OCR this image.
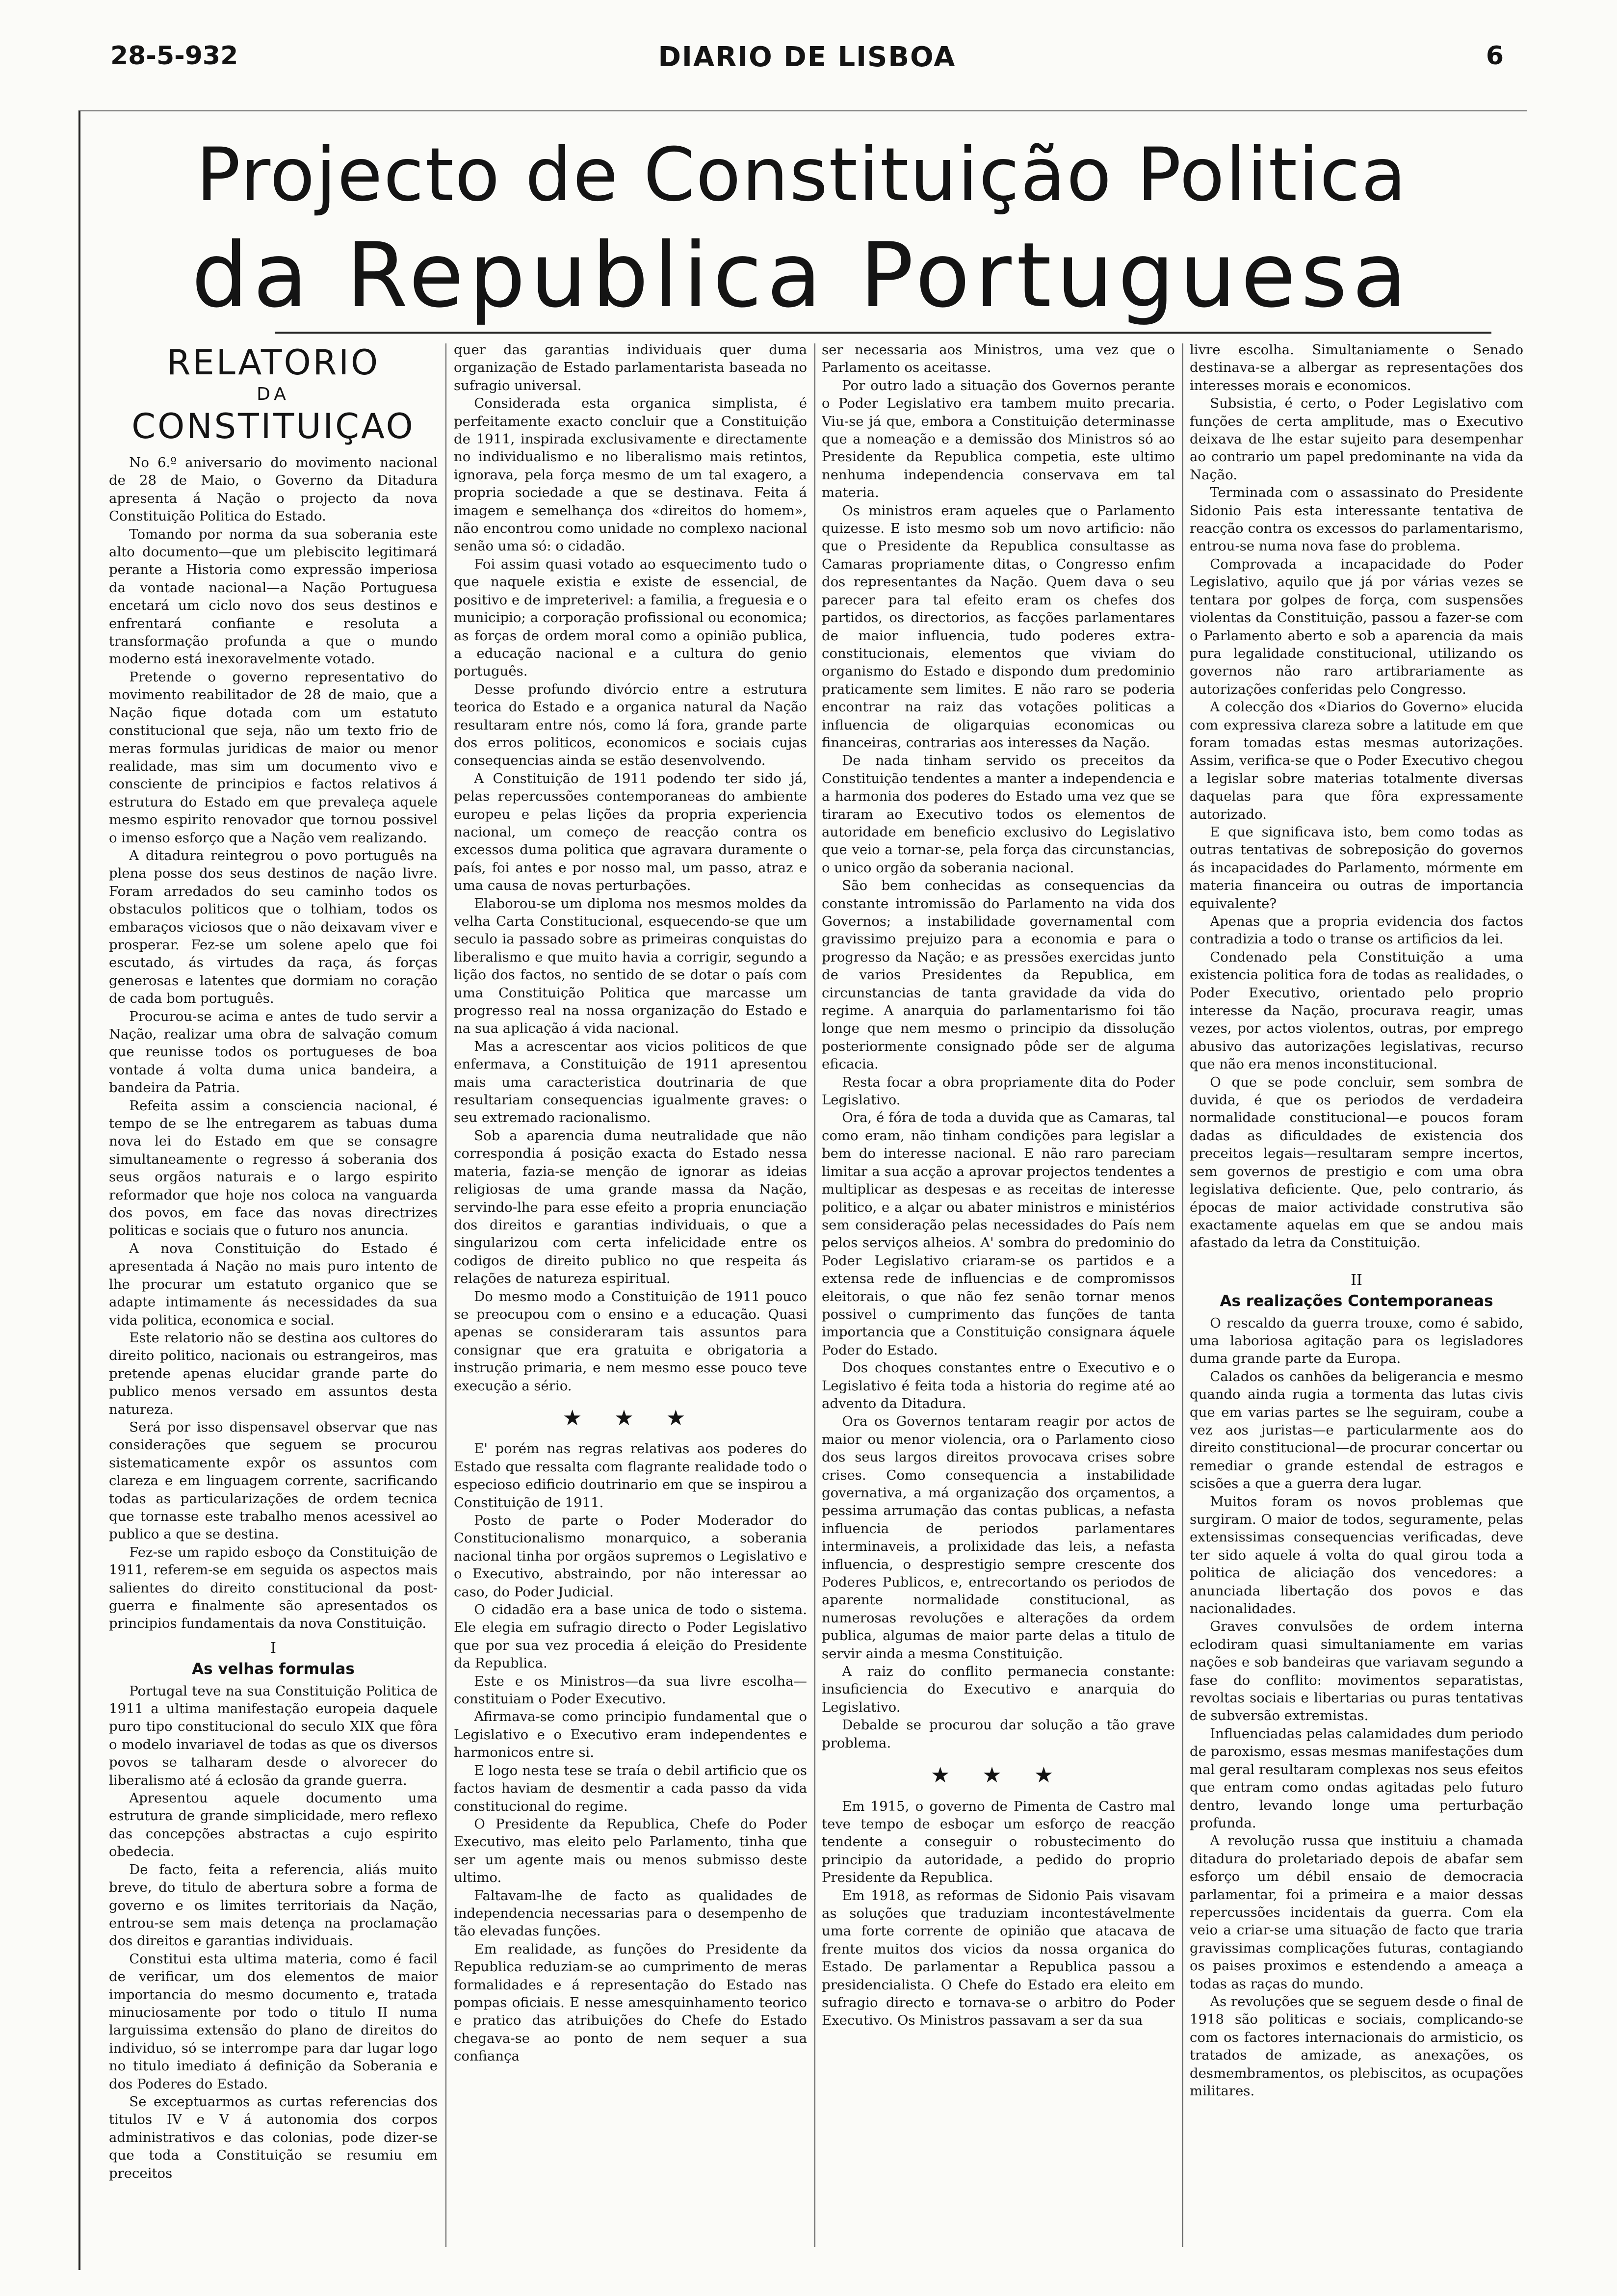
28-5-932	DIARIO DE LISBOA	6
Projecto de Constituição Politica
da Republica Portuguesa
RELATORIO
DA
CONSTITUIÇAO

No 6.º aniversario do movimento nacional de 28 de Maio, o Governo da Ditadura apresenta á Nação o projecto da nova Constituição Politica do Estado.

Tomando por norma da sua soberania este alto documento—que um plebiscito legitimará perante a Historia como expressão imperiosa da vontade nacional—a Nação Portuguesa encetará um ciclo novo dos seus destinos e enfrentará confiante e resoluta a transformação profunda a que o mundo moderno está inexoravelmente votado.

Pretende o governo representativo do movimento reabilitador de 28 de maio, que a Nação fique dotada com um estatuto constitucional que seja, não um texto frio de meras formulas juridicas de maior ou menor realidade, mas sim um documento vivo e consciente de principios e factos relativos á estrutura do Estado em que prevaleça aquele mesmo espirito renovador que tornou possivel o imenso esforço que a Nação vem realizando.

A ditadura reintegrou o povo português na plena posse dos seus destinos de nação livre. Foram arredados do seu caminho todos os obstaculos politicos que o tolhiam, todos os embaraços viciosos que o não deixavam viver e prosperar. Fez-se um solene apelo que foi escutado, ás virtudes da raça, ás forças generosas e latentes que dormiam no coração de cada bom português.

Procurou-se acima e antes de tudo servir a Nação, realizar uma obra de salvação comum que reunisse todos os portugueses de boa vontade á volta duma unica bandeira, a bandeira da Patria.

Refeita assim a consciencia nacional, é tempo de se lhe entregarem as tabuas duma nova lei do Estado em que se consagre simultaneamente o regresso á soberania dos seus orgãos naturais e o largo espirito reformador que hoje nos coloca na vanguarda dos povos, em face das novas directrizes politicas e sociais que o futuro nos anuncia.

A nova Constituição do Estado é apresentada á Nação no mais puro intento de lhe procurar um estatuto organico que se adapte intimamente ás necessidades da sua vida politica, economica e social.

Este relatorio não se destina aos cultores do direito politico, nacionais ou estrangeiros, mas pretende apenas elucidar grande parte do publico menos versado em assuntos desta natureza.

Será por isso dispensavel observar que nas considerações que seguem se procurou sistematicamente expôr os assuntos com clareza e em linguagem corrente, sacrificando todas as particularizações de ordem tecnica que tornasse este trabalho menos acessivel ao publico a que se destina.

Fez-se um rapido esboço da Constituição de 1911, referem-se em seguida os aspectos mais salientes do direito constitucional da post-guerra e finalmente são apresentados os principios fundamentais da nova Constituição.

I
As velhas formulas

Portugal teve na sua Constituição Politica de 1911 a ultima manifestação europeia daquele puro tipo constitucional do seculo XIX que fôra o modelo invariavel de todas as que os diversos povos se talharam desde o alvorecer do liberalismo até á eclosão da grande guerra.

Apresentou aquele documento uma estrutura de grande simplicidade, mero reflexo das concepções abstractas a cujo espirito obedecia.

De facto, feita a referencia, aliás muito breve, do titulo de abertura sobre a forma de governo e os limites territoriais da Nação, entrou-se sem mais detença na proclamação dos direitos e garantias individuais.

Constitui esta ultima materia, como é facil de verificar, um dos elementos de maior importancia do mesmo documento e, tratada minuciosamente por todo o titulo II numa larguissima extensão do plano de direitos do individuo, só se interrompe para dar lugar logo no titulo imediato á definição da Soberania e dos Poderes do Estado.

Se exceptuarmos as curtas referencias dos titulos IV e V á autonomia dos corpos administrativos e das colonias, pode dizer-se que toda a Constituição se resumiu em preceitos

quer das garantias individuais quer duma organização de Estado parlamentarista baseada no sufragio universal.

Considerada esta organica simplista, é perfeitamente exacto concluir que a Constituição de 1911, inspirada exclusivamente e directamente no individualismo e no liberalismo mais retintos, ignorava, pela força mesmo de um tal exagero, a propria sociedade a que se destinava. Feita á imagem e semelhança dos «direitos do homem», não encontrou como unidade no complexo nacional senão uma só: o cidadão.

Foi assim quasi votado ao esquecimento tudo o que naquele existia e existe de essencial, de positivo e de impreterivel: a familia, a freguesia e o municipio; a corporação profissional ou economica; as forças de ordem moral como a opinião publica, a educação nacional e a cultura do genio português.

Desse profundo divórcio entre a estrutura teorica do Estado e a organica natural da Nação resultaram entre nós, como lá fora, grande parte dos erros politicos, economicos e sociais cujas consequencias ainda se estão desenvolvendo.

A Constituição de 1911 podendo ter sido já, pelas repercussões contemporaneas do ambiente europeu e pelas lições da propria experiencia nacional, um começo de reacção contra os excessos duma politica que agravara duramente o país, foi antes e por nosso mal, um passo, atraz e uma causa de novas perturbações.

Elaborou-se um diploma nos mesmos moldes da velha Carta Constitucional, esquecendo-se que um seculo ia passado sobre as primeiras conquistas do liberalismo e que muito havia a corrigir, segundo a lição dos factos, no sentido de se dotar o país com uma Constituição Politica que marcasse um progresso real na nossa organização do Estado e na sua aplicação á vida nacional.

Mas a acrescentar aos vicios politicos de que enfermava, a Constituição de 1911 apresentou mais uma caracteristica doutrinaria de que resultariam consequencias igualmente graves: o seu extremado racionalismo.

Sob a aparencia duma neutralidade que não correspondia á posição exacta do Estado nessa materia, fazia-se menção de ignorar as ideias religiosas de uma grande massa da Nação, servindo-lhe para esse efeito a propria enunciação dos direitos e garantias individuais, o que a singularizou com certa infelicidade entre os codigos de direito publico no que respeita ás relações de natureza espiritual.

Do mesmo modo a Constituição de 1911 pouco se preocupou com o ensino e a educação. Quasi apenas se consideraram tais assuntos para consignar que era gratuita e obrigatoria a instrução primaria, e nem mesmo esse pouco teve execução a sério.

★ ★ ★

E' porém nas regras relativas aos poderes do Estado que ressalta com flagrante realidade todo o especioso edificio doutrinario em que se inspirou a Constituição de 1911.

Posto de parte o Poder Moderador do Constitucionalismo monarquico, a soberania nacional tinha por orgãos supremos o Legislativo e o Executivo, abstraindo, por não interessar ao caso, do Poder Judicial.

O cidadão era a base unica de todo o sistema. Ele elegia em sufragio directo o Poder Legislativo que por sua vez procedia á eleição do Presidente da Republica.

Este e os Ministros—da sua livre escolha—constituiam o Poder Executivo.

Afirmava-se como principio fundamental que o Legislativo e o Executivo eram independentes e harmonicos entre si.

E logo nesta tese se traía o debil artificio que os factos haviam de desmentir a cada passo da vida constitucional do regime.

O Presidente da Republica, Chefe do Poder Executivo, mas eleito pelo Parlamento, tinha que ser um agente mais ou menos submisso deste ultimo.

Faltavam-lhe de facto as qualidades de independencia necessarias para o desempenho de tão elevadas funções.

Em realidade, as funções do Presidente da Republica reduziam-se ao cumprimento de meras formalidades e á representação do Estado nas pompas oficiais. E nesse amesquinhamento teorico e pratico das atribuições do Chefe do Estado chegava-se ao ponto de nem sequer a sua confiança

ser necessaria aos Ministros, uma vez que o Parlamento os aceitasse.

Por outro lado a situação dos Governos perante o Poder Legislativo era tambem muito precaria. Viu-se já que, embora a Constituição determinasse que a nomeação e a demissão dos Ministros só ao Presidente da Republica competia, este ultimo nenhuma independencia conservava em tal materia.

Os ministros eram aqueles que o Parlamento quizesse. E isto mesmo sob um novo artificio: não que o Presidente da Republica consultasse as Camaras propriamente ditas, o Congresso enfim dos representantes da Nação. Quem dava o seu parecer para tal efeito eram os chefes dos partidos, os directorios, as facções parlamentares de maior influencia, tudo poderes extra-constitucionais, elementos que viviam do organismo do Estado e dispondo dum predominio praticamente sem limites. E não raro se poderia encontrar na raiz das votações politicas a influencia de oligarquias economicas ou financeiras, contrarias aos interesses da Nação.

De nada tinham servido os preceitos da Constituição tendentes a manter a independencia e a harmonia dos poderes do Estado uma vez que se tiraram ao Executivo todos os elementos de autoridade em beneficio exclusivo do Legislativo que veio a tornar-se, pela força das circunstancias, o unico orgão da soberania nacional.

São bem conhecidas as consequencias da constante intromissão do Parlamento na vida dos Governos; a instabilidade governamental com gravissimo prejuizo para a economia e para o progresso da Nação; e as pressões exercidas junto de varios Presidentes da Republica, em circunstancias de tanta gravidade da vida do regime. A anarquia do parlamentarismo foi tão longe que nem mesmo o principio da dissolução posteriormente consignado pôde ser de alguma eficacia.

Resta focar a obra propriamente dita do Poder Legislativo.

Ora, é fóra de toda a duvida que as Camaras, tal como eram, não tinham condições para legislar a bem do interesse nacional. E não raro pareciam limitar a sua acção a aprovar projectos tendentes a multiplicar as despesas e as receitas de interesse politico, e a alçar ou abater ministros e ministérios sem consideração pelas necessidades do País nem pelos serviços alheios. A' sombra do predominio do Poder Legislativo criaram-se os partidos e a extensa rede de influencias e de compromissos eleitorais, o que não fez senão tornar menos possivel o cumprimento das funções de tanta importancia que a Constituição consignara áquele Poder do Estado.

Dos choques constantes entre o Executivo e o Legislativo é feita toda a historia do regime até ao advento da Ditadura.

Ora os Governos tentaram reagir por actos de maior ou menor violencia, ora o Parlamento cioso dos seus largos direitos provocava crises sobre crises. Como consequencia a instabilidade governativa, a má organização dos orçamentos, a pessima arrumação das contas publicas, a nefasta influencia de periodos parlamentares interminaveis, a prolixidade das leis, a nefasta influencia, o desprestigio sempre crescente dos Poderes Publicos, e, entrecortando os periodos de aparente normalidade constitucional, as numerosas revoluções e alterações da ordem publica, algumas de maior parte delas a titulo de servir ainda a mesma Constituição.

A raiz do conflito permanecia constante: insuficiencia do Executivo e anarquia do Legislativo.

Debalde se procurou dar solução a tão grave problema.

★ ★ ★

Em 1915, o governo de Pimenta de Castro mal teve tempo de esboçar um esforço de reacção tendente a conseguir o robustecimento do principio da autoridade, a pedido do proprio Presidente da Republica.

Em 1918, as reformas de Sidonio Pais visavam as soluções que traduziam incontestávelmente uma forte corrente de opinião que atacava de frente muitos dos vicios da nossa organica do Estado. De parlamentar a Republica passou a presidencialista. O Chefe do Estado era eleito em sufragio directo e tornava-se o arbitro do Poder Executivo. Os Ministros passavam a ser da sua

livre escolha. Simultaniamente o Senado destinava-se a albergar as representações dos interesses morais e economicos.

Subsistia, é certo, o Poder Legislativo com funções de certa amplitude, mas o Executivo deixava de lhe estar sujeito para desempenhar ao contrario um papel predominante na vida da Nação.

Terminada com o assassinato do Presidente Sidonio Pais esta interessante tentativa de reacção contra os excessos do parlamentarismo, entrou-se numa nova fase do problema.

Comprovada a incapacidade do Poder Legislativo, aquilo que já por várias vezes se tentara por golpes de força, com suspensões violentas da Constituição, passou a fazer-se com o Parlamento aberto e sob a aparencia da mais pura legalidade constitucional, utilizando os governos não raro artibrariamente as autorizações conferidas pelo Congresso.

A colecção dos «Diarios do Governo» elucida com expressiva clareza sobre a latitude em que foram tomadas estas mesmas autorizações. Assim, verifica-se que o Poder Executivo chegou a legislar sobre materias totalmente diversas daquelas para que fôra expressamente autorizado.

E que significava isto, bem como todas as outras tentativas de sobreposição do governos ás incapacidades do Parlamento, mórmente em materia financeira ou outras de importancia equivalente?

Apenas que a propria evidencia dos factos contradizia a todo o transe os artificios da lei.

Condenado pela Constituição a uma existencia politica fora de todas as realidades, o Poder Executivo, orientado pelo proprio interesse da Nação, procurava reagir, umas vezes, por actos violentos, outras, por emprego abusivo das autorizações legislativas, recurso que não era menos inconstitucional.

O que se pode concluir, sem sombra de duvida, é que os periodos de verdadeira normalidade constitucional—e poucos foram dadas as dificuldades de existencia dos preceitos legais—resultaram sempre incertos, sem governos de prestigio e com uma obra legislativa deficiente. Que, pelo contrario, ás épocas de maior actividade construtiva são exactamente aquelas em que se andou mais afastado da letra da Constituição.

II
As realizações Contemporaneas

O rescaldo da guerra trouxe, como é sabido, uma laboriosa agitação para os legisladores duma grande parte da Europa.

Calados os canhões da beligerancia e mesmo quando ainda rugia a tormenta das lutas civis que em varias partes se lhe seguiram, coube a vez aos juristas—e particularmente aos do direito constitucional—de procurar concertar ou remediar o grande estendal de estragos e scisões a que a guerra dera lugar.

Muitos foram os novos problemas que surgiram. O maior de todos, seguramente, pelas extensissimas consequencias verificadas, deve ter sido aquele á volta do qual girou toda a politica de aliciação dos vencedores: a anunciada libertação dos povos e das nacionalidades.

Graves convulsões de ordem interna eclodiram quasi simultaniamente em varias nações e sob bandeiras que variavam segundo a fase do conflito: movimentos separatistas, revoltas sociais e libertarias ou puras tentativas de subversão extremistas.

Influenciadas pelas calamidades dum periodo de paroxismo, essas mesmas manifestações dum mal geral resultaram complexas nos seus efeitos que entram como ondas agitadas pelo futuro dentro, levando longe uma perturbação profunda.

A revolução russa que instituiu a chamada ditadura do proletariado depois de abafar sem esforço um débil ensaio de democracia parlamentar, foi a primeira e a maior dessas repercussões incidentais da guerra. Com ela veio a criar-se uma situação de facto que traria gravissimas complicações futuras, contagiando os paises proximos e estendendo a ameaça a todas as raças do mundo.

As revoluções que se seguem desde o final de 1918 são politicas e sociais, complicando-se com os factores internacionais do armisticio, os tratados de amizade, as anexações, os desmembramentos, os plebiscitos, as ocupações militares.
